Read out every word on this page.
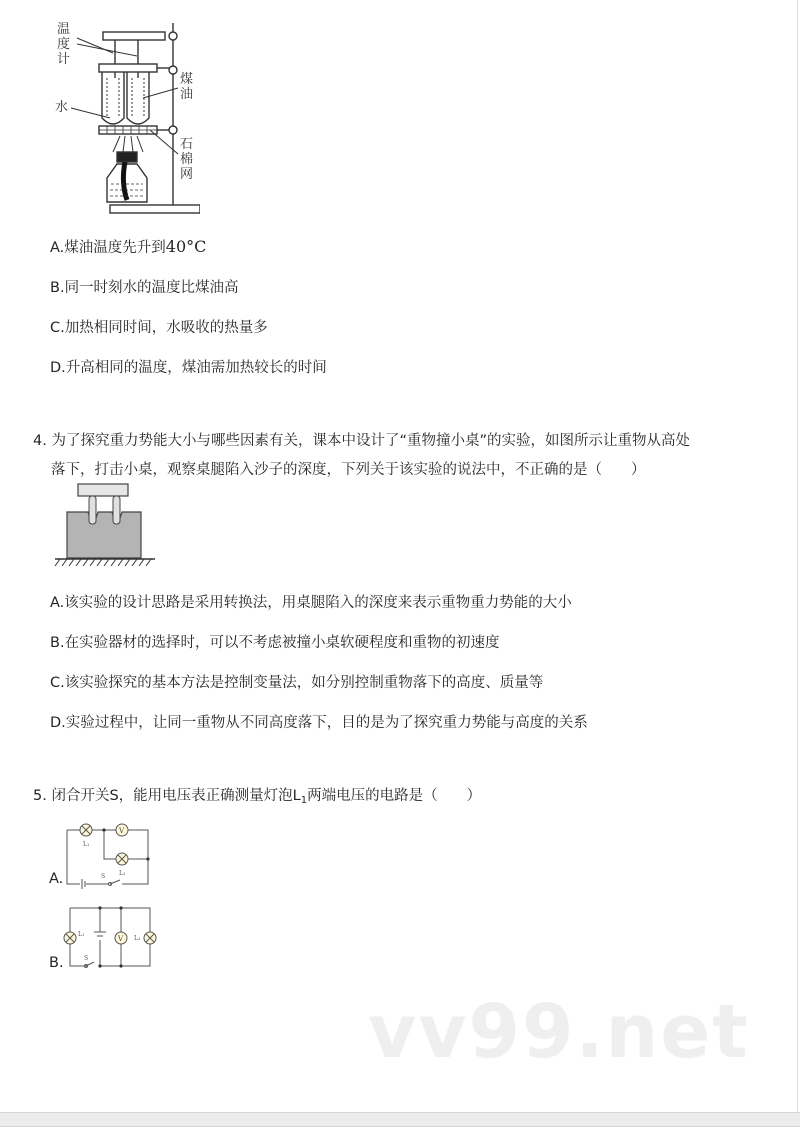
温
度
计
水
煤
油
石
棉
网
A.煤油温度先升到40°C
B.同一时刻水的温度比煤油高
C.加热相同时间，水吸收的热量多
D.升高相同的温度，煤油需加热较长的时间
4. 为了探究重力势能大小与哪些因素有关，课本中设计了“重物撞小桌”的实验，如图所示让重物从高处
落下，打击小桌，观察桌腿陷入沙子的深度，下列关于该实验的说法中，不正确的是（　　）
A.该实验的设计思路是采用转换法，用桌腿陷入的深度来表示重物重力势能的大小
B.在实验器材的选择时，可以不考虑被撞小桌软硬程度和重物的初速度
C.该实验探究的基本方法是控制变量法，如分别控制重物落下的高度、质量等
D.实验过程中，让同一重物从不同高度落下，目的是为了探究重力势能与高度的关系
5. 闭合开关S，能用电压表正确测量灯泡$L_1$两端电压的电路是（　　）
V
L₁
L₂
S
A.
V
L₁
L₂
S
B.
vv99.net
